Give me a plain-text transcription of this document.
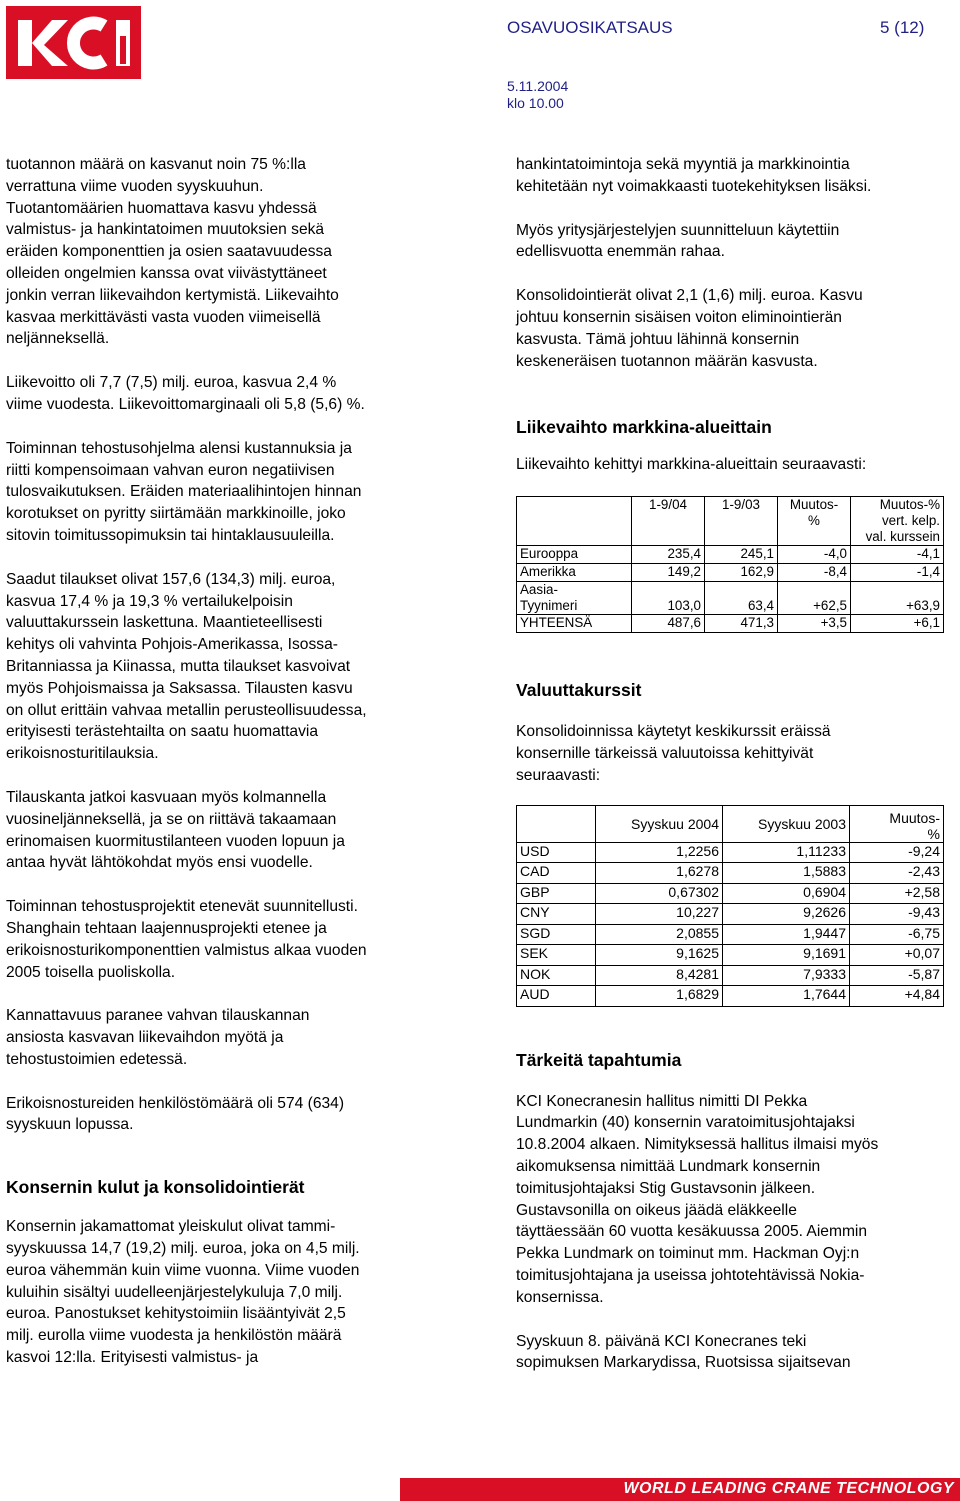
OSAVUOSIKATSAUS	5 (12)
5.11.2004
klo 10.00

tuotannon määrä on kasvanut noin 75 %:lla
verrattuna viime vuoden syyskuuhun.
Tuotantomäärien huomattava kasvu yhdessä
valmistus- ja hankintatoimen muutoksien sekä
eräiden komponenttien ja osien saatavuudessa
olleiden ongelmien kanssa ovat viivästyttäneet
jonkin verran liikevaihdon kertymistä. Liikevaihto
kasvaa merkittävästi vasta vuoden viimeisellä
neljänneksellä.

Liikevoitto oli 7,7 (7,5) milj. euroa, kasvua 2,4 %
viime vuodesta. Liikevoittomarginaali oli 5,8 (5,6) %.

Toiminnan tehostusohjelma alensi kustannuksia ja
riitti kompensoimaan vahvan euron negatiivisen
tulosvaikutuksen. Eräiden materiaalihintojen hinnan
korotukset on pyritty siirtämään markkinoille, joko
sitovin toimitussopimuksin tai hintaklausuuleilla.

Saadut tilaukset olivat 157,6 (134,3) milj. euroa,
kasvua 17,4 % ja 19,3 % vertailukelpoisin
valuuttakurssein laskettuna. Maantieteellisesti
kehitys oli vahvinta Pohjois-Amerikassa, Isossa-
Britanniassa ja Kiinassa, mutta tilaukset kasvoivat
myös Pohjoismaissa ja Saksassa. Tilausten kasvu
on ollut erittäin vahvaa metallin perusteollisuudessa,
erityisesti terästehtailta on saatu huomattavia
erikoisnosturitilauksia.

Tilauskanta jatkoi kasvuaan myös kolmannella
vuosineljänneksellä, ja se on riittävä takaamaan
erinomaisen kuormitustilanteen vuoden lopuun ja
antaa hyvät lähtökohdat myös ensi vuodelle.

Toiminnan tehostusprojektit etenevät suunnitellusti.
Shanghain tehtaan laajennusprojekti etenee ja
erikoisnosturikomponenttien valmistus alkaa vuoden
2005 toisella puoliskolla.

Kannattavuus paranee vahvan tilauskannan
ansiosta kasvavan liikevaihdon myötä ja
tehostustoimien edetessä.

Erikoisnostureiden henkilöstömäärä oli 574 (634)
syyskuun lopussa.

Konsernin kulut ja konsolidointierät

Konsernin jakamattomat yleiskulut olivat tammi-
syyskuussa 14,7 (19,2) milj. euroa, joka on 4,5 milj.
euroa vähemmän kuin viime vuonna. Viime vuoden
kuluihin sisältyi uudelleenjärjestelykuluja 7,0 milj.
euroa. Panostukset kehitystoimiin lisääntyivät 2,5
milj. eurolla viime vuodesta ja henkilöstön määrä
kasvoi 12:lla. Erityisesti valmistus- ja

hankintatoimintoja sekä myyntiä ja markkinointia
kehitetään nyt voimakkaasti tuotekehityksen lisäksi.

Myös yritysjärjestelyjen suunnitteluun käytettiin
edellisvuotta enemmän rahaa.

Konsolidointierät olivat 2,1 (1,6) milj. euroa. Kasvu
johtuu konsernin sisäisen voiton eliminointierän
kasvusta. Tämä johtuu lähinnä konsernin
keskeneräisen tuotannon määrän kasvusta.

Liikevaihto markkina-alueittain

Liikevaihto kehittyi markkina-alueittain seuraavasti:

	1-9/04	1-9/03	Muutos-
%	Muutos-%
vert. kelp.
val. kurssein
Eurooppa	235,4	245,1	-4,0	-4,1
Amerikka	149,2	162,9	-8,4	-1,4
Aasia-
Tyynimeri	103,0	63,4	+62,5	+63,9
YHTEENSÄ	487,6	471,3	+3,5	+6,1
Valuuttakurssit

Konsolidoinnissa käytetyt keskikurssit eräissä
konsernille tärkeissä valuutoissa kehittyivät
seuraavasti:

	Syyskuu 2004	Syyskuu 2003	Muutos-
%
USD	1,2256	1,11233	-9,24
CAD	1,6278	1,5883	-2,43
GBP	0,67302	0,6904	+2,58
CNY	10,227	9,2626	-9,43
SGD	2,0855	1,9447	-6,75
SEK	9,1625	9,1691	+0,07
NOK	8,4281	7,9333	-5,87
AUD	1,6829	1,7644	+4,84
Tärkeitä tapahtumia

KCI Konecranesin hallitus nimitti DI Pekka
Lundmarkin (40) konsernin varatoimitusjohtajaksi
10.8.2004 alkaen. Nimityksessä hallitus ilmaisi myös
aikomuksensa nimittää Lundmark konsernin
toimitusjohtajaksi Stig Gustavsonin jälkeen.
Gustavsonilla on oikeus jäädä eläkkeelle
täyttäessään 60 vuotta kesäkuussa 2005. Aiemmin
Pekka Lundmark on toiminut mm. Hackman Oyj:n
toimitusjohtajana ja useissa johtotehtävissä Nokia-
konsernissa.

Syyskuun 8. päivänä KCI Konecranes teki
sopimuksen Markarydissa, Ruotsissa sijaitsevan

WORLD LEADING CRANE TECHNOLOGY
